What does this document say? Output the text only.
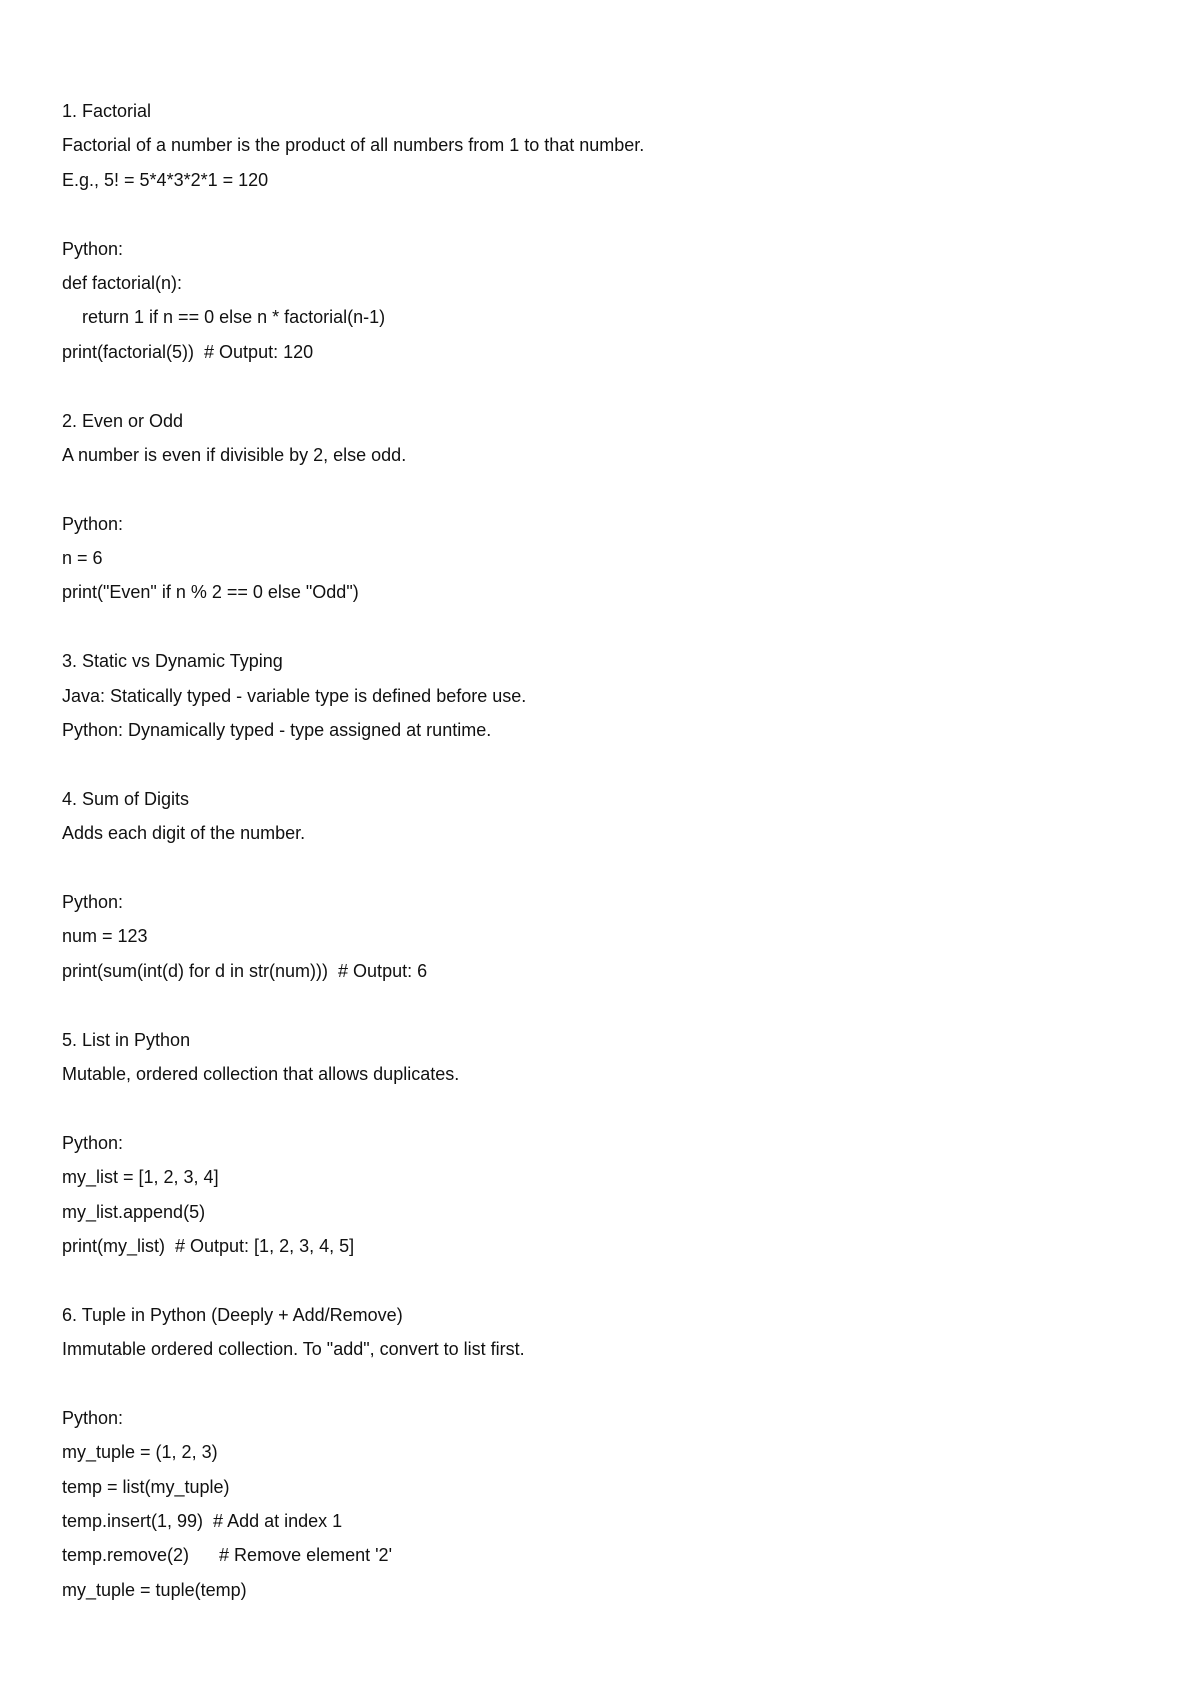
1. Factorial
Factorial of a number is the product of all numbers from 1 to that number.
E.g., 5! = 5*4*3*2*1 = 120
Python:
def factorial(n):
return 1 if n == 0 else n * factorial(n-1)
print(factorial(5))  # Output: 120
2. Even or Odd
A number is even if divisible by 2, else odd.
Python:
n = 6
print("Even" if n % 2 == 0 else "Odd")
3. Static vs Dynamic Typing
Java: Statically typed - variable type is defined before use.
Python: Dynamically typed - type assigned at runtime.
4. Sum of Digits
Adds each digit of the number.
Python:
num = 123
print(sum(int(d) for d in str(num)))  # Output: 6
5. List in Python
Mutable, ordered collection that allows duplicates.
Python:
my_list = [1, 2, 3, 4]
my_list.append(5)
print(my_list)  # Output: [1, 2, 3, 4, 5]
6. Tuple in Python (Deeply + Add/Remove)
Immutable ordered collection. To "add", convert to list first.
Python:
my_tuple = (1, 2, 3)
temp = list(my_tuple)
temp.insert(1, 99)  # Add at index 1
temp.remove(2)      # Remove element '2'
my_tuple = tuple(temp)
